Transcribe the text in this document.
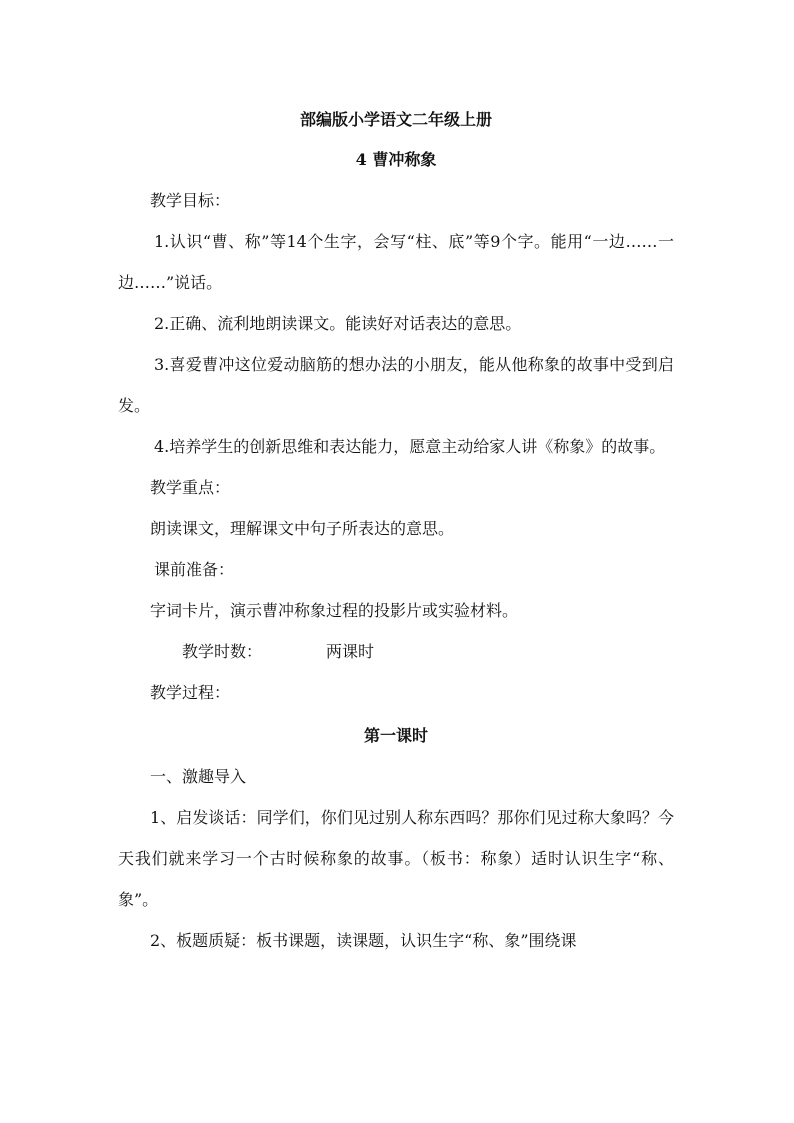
部编版小学语文二年级上册

4 曹冲称象

教学目标：

1.认识“曹、称”等14个生字，会写“柱、底”等9个字。能用“一边……一边……”说话。

2.正确、流利地朗读课文。能读好对话表达的意思。

3.喜爱曹冲这位爱动脑筋的想办法的小朋友，能从他称象的故事中受到启发。

4.培养学生的创新思维和表达能力，愿意主动给家人讲《称象》的故事。

教学重点：

朗读课文，理解课文中句子所表达的意思。

课前准备：

字词卡片，演示曹冲称象过程的投影片或实验材料。

教学时数：	两课时

教学过程：

第一课时

一、激趣导入

1、启发谈话：同学们，你们见过别人称东西吗？那你们见过称大象吗？今天我们就来学习一个古时候称象的故事。（板书：称象）适时认识生字“称、象”。

2、板题质疑：板书课题，读课题，认识生字“称、象”围绕课
